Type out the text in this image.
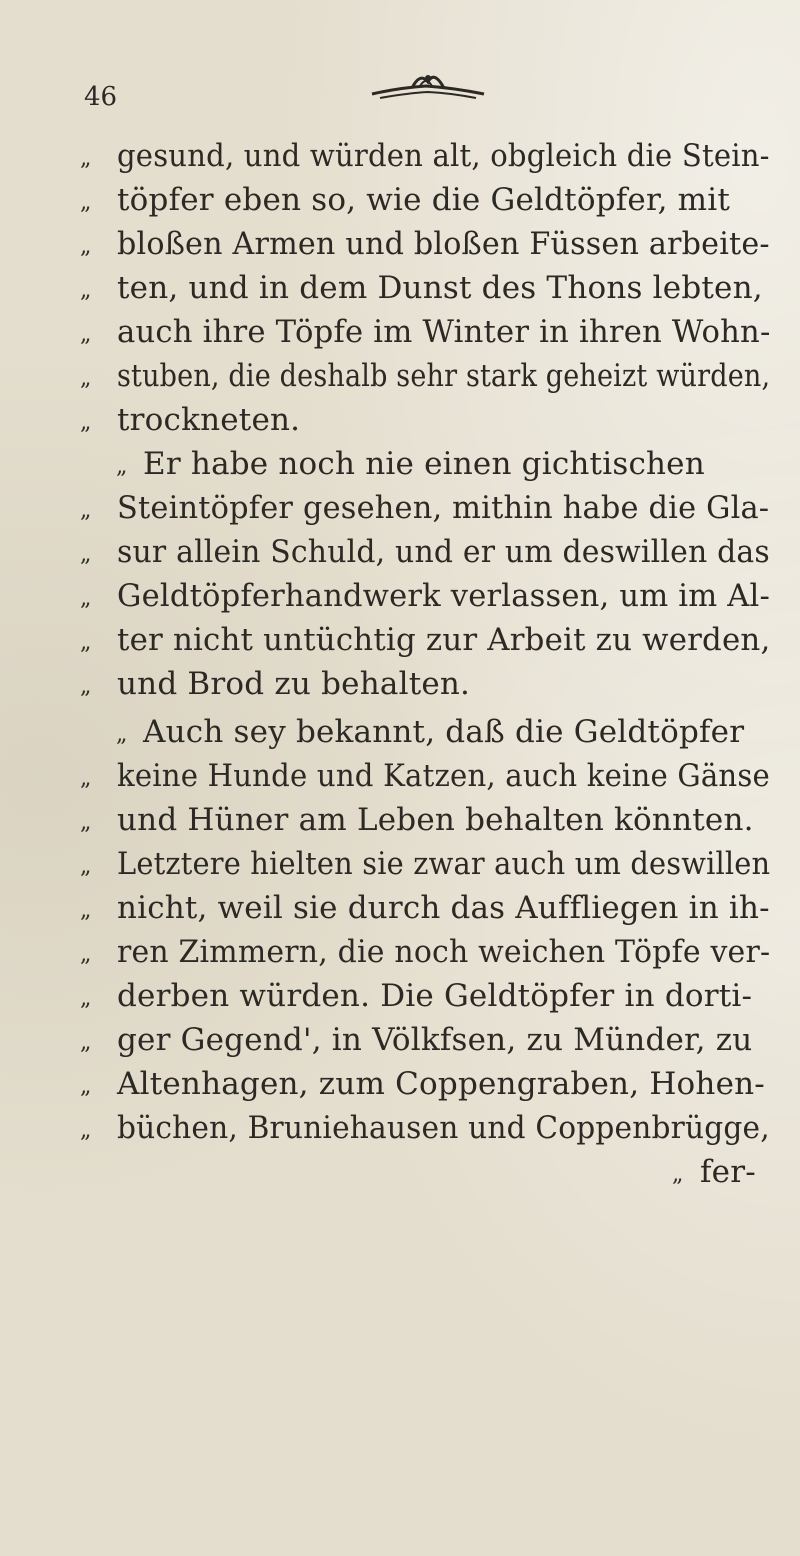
46
„ gesund, und würden alt, obgleich die Stein-
„ töpfer eben so, wie die Geldtöpfer, mit
„ bloßen Armen und bloßen Füssen arbeite-
„ ten, und in dem Dunst des Thons lebten,
„ auch ihre Töpfe im Winter in ihren Wohn-
„ stuben, die deshalb sehr stark geheizt würden,
„ trockneten.
„ Er habe noch nie einen gichtischen
„ Steintöpfer gesehen, mithin habe die Gla-
„ sur allein Schuld, und er um deswillen das
„ Geldtöpferhandwerk verlassen, um im Al-
„ ter nicht untüchtig zur Arbeit zu werden,
„ und Brod zu behalten.
„ Auch sey bekannt, daß die Geldtöpfer
„ keine Hunde und Katzen, auch keine Gänse
„ und Hüner am Leben behalten könnten.
„ Letztere hielten sie zwar auch um deswillen
„ nicht, weil sie durch das Auffliegen in ih-
„ ren Zimmern, die noch weichen Töpfe ver-
„ derben würden. Die Geldtöpfer in dorti-
„ ger Gegend', in Völkfsen, zu Münder, zu
„ Altenhagen, zum Coppengraben, Hohen-
„ büchen, Bruniehausen und Coppenbrügge,
„ fer-
